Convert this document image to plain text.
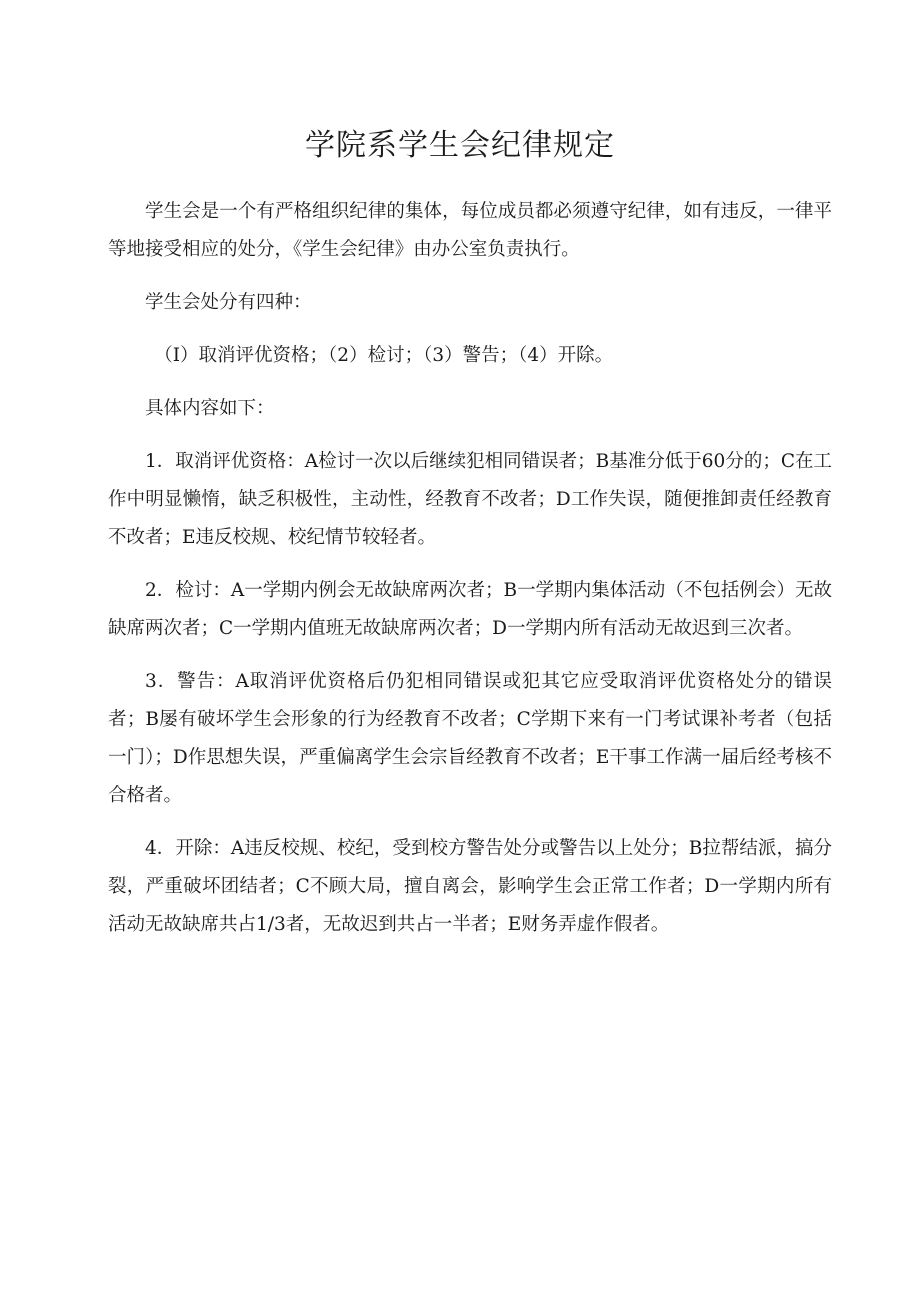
学院系学生会纪律规定

学生会是一个有严格组织纪律的集体，每位成员都必须遵守纪律，如有违反，一律平等地接受相应的处分，《学生会纪律》由办公室负责执行。

学生会处分有四种：

（I）取消评优资格；（2）检讨；（3）警告；（4）开除。

具体内容如下：

1．取消评优资格：A检讨一次以后继续犯相同错误者；B基准分低于60分的；C在工作中明显懒惰，缺乏积极性，主动性，经教育不改者；D工作失误，随便推卸责任经教育不改者；E违反校规、校纪情节较轻者。

2．检讨：A一学期内例会无故缺席两次者；B一学期内集体活动（不包括例会）无故缺席两次者；C一学期内值班无故缺席两次者；D一学期内所有活动无故迟到三次者。

3．警告：A取消评优资格后仍犯相同错误或犯其它应受取消评优资格处分的错误者；B屡有破坏学生会形象的行为经教育不改者；C学期下来有一门考试课补考者（包括一门）；D作思想失误，严重偏离学生会宗旨经教育不改者；E干事工作满一届后经考核不合格者。

4．开除：A违反校规、校纪，受到校方警告处分或警告以上处分；B拉帮结派，搞分裂，严重破坏团结者；C不顾大局，擅自离会，影响学生会正常工作者；D一学期内所有活动无故缺席共占1/3者，无故迟到共占一半者；E财务弄虚作假者。
